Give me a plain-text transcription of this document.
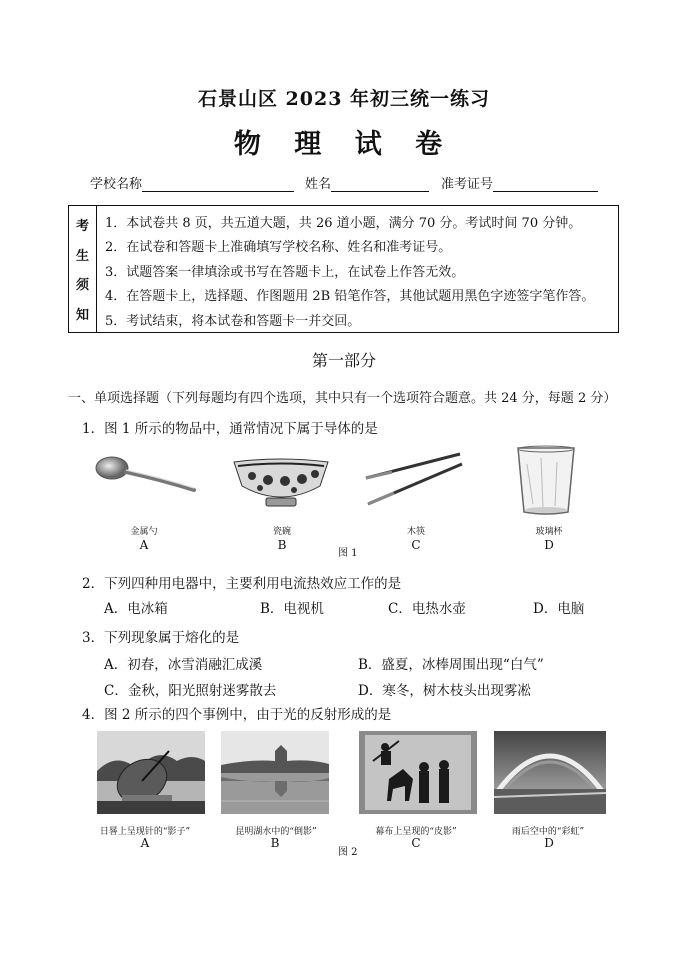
石景山区 2023 年初三统一练习
物 理 试 卷
学校名称	姓名	准考证号
考
生
须
知
1．本试卷共 8 页，共五道大题，共 26 道小题，满分 70 分。考试时间 70 分钟。
2．在试卷和答题卡上准确填写学校名称、姓名和准考证号。
3．试题答案一律填涂或书写在答题卡上，在试卷上作答无效。
4．在答题卡上，选择题、作图题用 2B 铅笔作答，其他试题用黑色字迹签字笔作答。
5．考试结束，将本试卷和答题卡一并交回。
第一部分
一、单项选择题（下列每题均有四个选项，其中只有一个选项符合题意。共 24 分，每题 2 分）
1．图 1 所示的物品中，通常情况下属于导体的是
金属勺	瓷碗	木筷	玻璃杯
A	B	C	D
图 1
2．下列四种用电器中，主要利用电流热效应工作的是
A．电冰箱	B．电视机	C．电热水壶	D．电脑
3．下列现象属于熔化的是
A．初春，冰雪消融汇成溪	B．盛夏，冰棒周围出现“白气”
C．金秋，阳光照射迷雾散去	D．寒冬，树木枝头出现雾凇
4．图 2 所示的四个事例中，由于光的反射形成的是
日晷上呈现针的“影子”	昆明湖水中的“倒影”	幕布上呈现的“皮影”	雨后空中的“彩虹”
A	B	C	D
图 2
